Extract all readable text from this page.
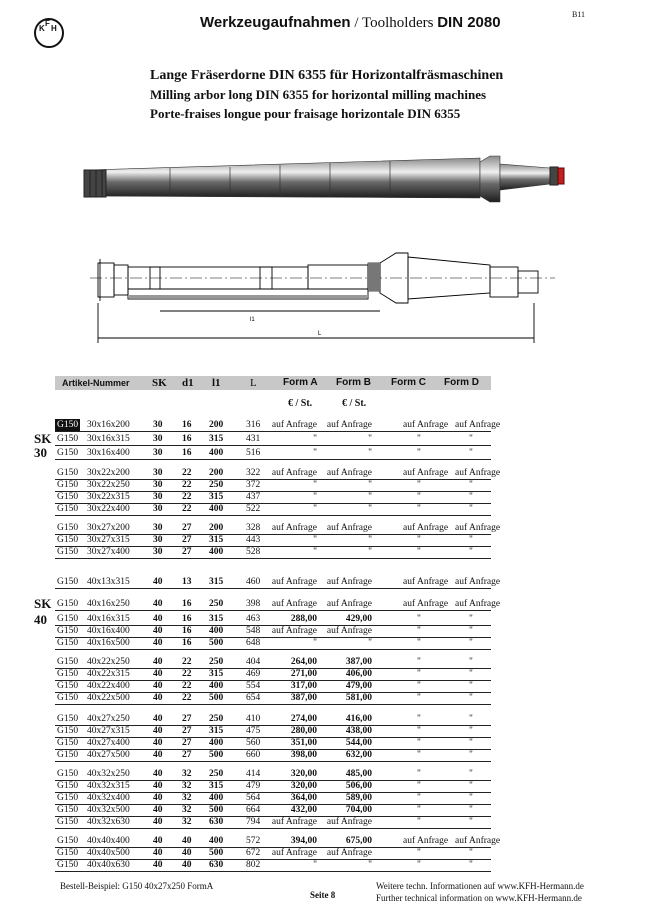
K
F
H	Werkzeugaufnahmen / Toolholders DIN 2080	B11
Lange Fräserdorne DIN 6355 für Horizontalfräsmaschinen
Milling arbor long DIN 6355 for horizontal milling machines
Porte-fraises longue pour fraisage horizontale DIN 6355
l1
L
Artikel-Nummer SK d1 l1	L	Form A Form B Form C Form D
€ / St.	€ / St.
SK
30
SK
40
G150 30x16x200 30 16 200 316 auf Anfrage auf Anfrage	auf Anfrage auf Anfrage
G150 30x16x315 30 16 315 431	"	"	"	"
G150 30x16x400 30 16 400 516	"	"	"	"
G150 30x22x200 30 22 200 322 auf Anfrage auf Anfrage	auf Anfrage auf Anfrage
G150 30x22x250 30 22 250 372	"	"	"	"
G150 30x22x315 30 22 315 437	"	"	"	"
G150 30x22x400 30 22 400 522	"	"	"	"
G150 30x27x200 30 27 200 328 auf Anfrage auf Anfrage	auf Anfrage auf Anfrage
G150 30x27x315 30 27 315 443	"	"	"	"
G150 30x27x400 30 27 400 528	"	"	"	"
G150 40x13x315 40 13 315 460 auf Anfrage auf Anfrage	auf Anfrage auf Anfrage
G150 40x16x250 40 16 250 398 auf Anfrage auf Anfrage	auf Anfrage auf Anfrage
G150 40x16x315 40 16 315 463	288,00	429,00	"	"
G150 40x16x400 40 16 400 548 auf Anfrage auf Anfrage	"	"
G150 40x16x500 40 16 500 648	"	"	"	"
G150 40x22x250 40 22 250 404	264,00	387,00	"	"
G150 40x22x315 40 22 315 469	271,00	406,00	"	"
G150 40x22x400 40 22 400 554	317,00	479,00	"	"
G150 40x22x500 40 22 500 654	387,00	581,00	"	"
G150 40x27x250 40 27 250 410	274,00	416,00	"	"
G150 40x27x315 40 27 315 475	280,00	438,00	"	"
G150 40x27x400 40 27 400 560	351,00	544,00	"	"
G150 40x27x500 40 27 500 660	398,00	632,00	"	"
G150 40x32x250 40 32 250 414	320,00	485,00	"	"
G150 40x32x315 40 32 315 479	320,00	506,00	"	"
G150 40x32x400 40 32 400 564	364,00	589,00	"	"
G150 40x32x500 40 32 500 664	432,00	704,00	"	"
G150 40x32x630 40 32 630 794 auf Anfrage auf Anfrage	"	"
G150 40x40x400 40 40 400 572	394,00	675,00	auf Anfrage auf Anfrage
G150 40x40x500 40 40 500 672 auf Anfrage auf Anfrage	"	"
G150 40x40x630 40 40 630 802	"	"	"	"
Bestell-Beispiel: G150 40x27x250 FormA
Seite 8
Weitere techn. Informationen auf www.KFH-Hermann.de
Further technical information on www.KFH-Hermann.de
